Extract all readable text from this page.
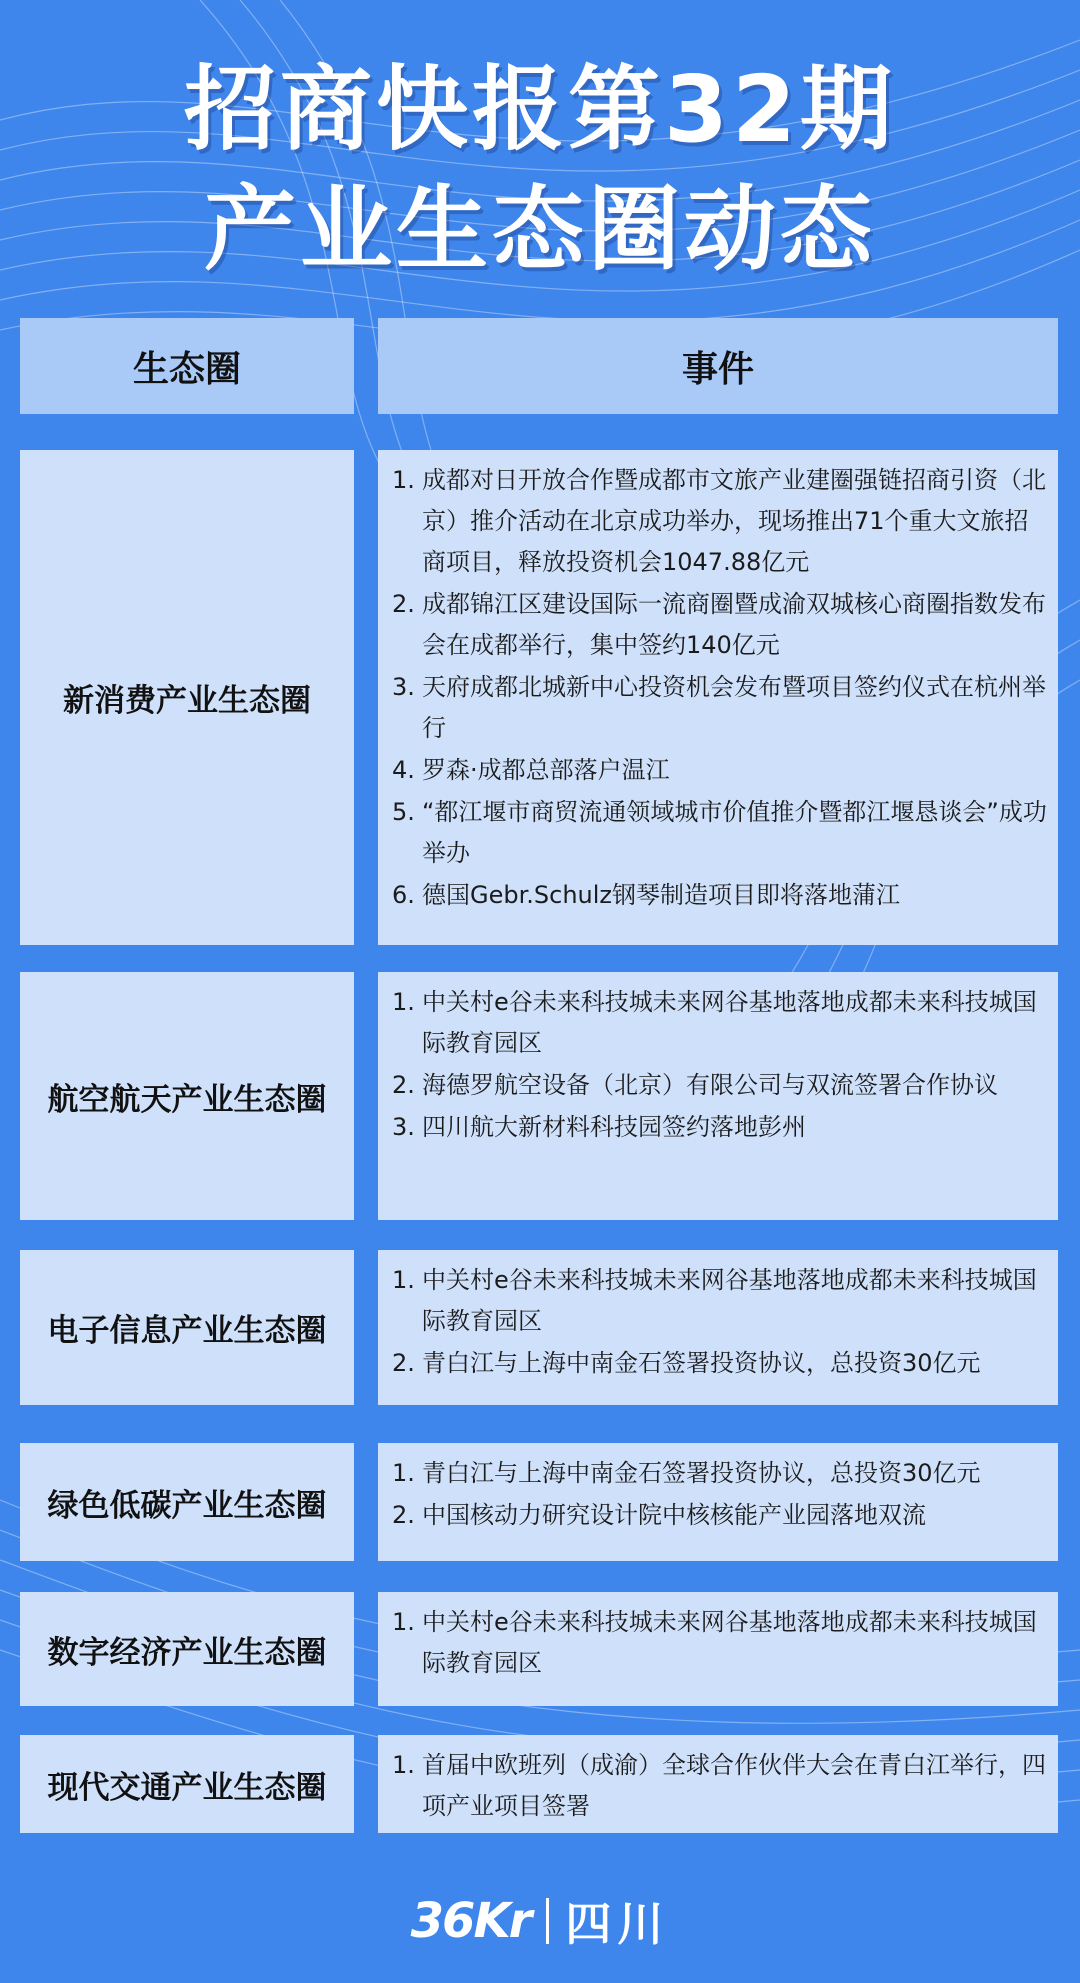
招商快报第32期
产业生态圈动态
生态圈	事件
新消费产业生态圈
1. 成都对日开放合作暨成都市文旅产业建圈强链招商引资（北京）推介活动在北京成功举办，现场推出71个重大文旅招商项目，释放投资机会1047.88亿元
2. 成都锦江区建设国际一流商圈暨成渝双城核心商圈指数发布会在成都举行，集中签约140亿元
3. 天府成都北城新中心投资机会发布暨项目签约仪式在杭州举行
4. 罗森·成都总部落户温江
5. “都江堰市商贸流通领域城市价值推介暨都江堰恳谈会”成功举办
6. 德国Gebr.Schulz钢琴制造项目即将落地蒲江
航空航天产业生态圈
1. 中关村e谷未来科技城未来网谷基地落地成都未来科技城国际教育园区
2. 海德罗航空设备（北京）有限公司与双流签署合作协议
3. 四川航大新材料科技园签约落地彭州
电子信息产业生态圈
1. 中关村e谷未来科技城未来网谷基地落地成都未来科技城国际教育园区
2. 青白江与上海中南金石签署投资协议，总投资30亿元
绿色低碳产业生态圈
1. 青白江与上海中南金石签署投资协议，总投资30亿元
2. 中国核动力研究设计院中核核能产业园落地双流
数字经济产业生态圈
1. 中关村e谷未来科技城未来网谷基地落地成都未来科技城国际教育园区
现代交通产业生态圈
1. 首届中欧班列（成渝）全球合作伙伴大会在青白江举行，四项产业项目签署
36Kr 四川
